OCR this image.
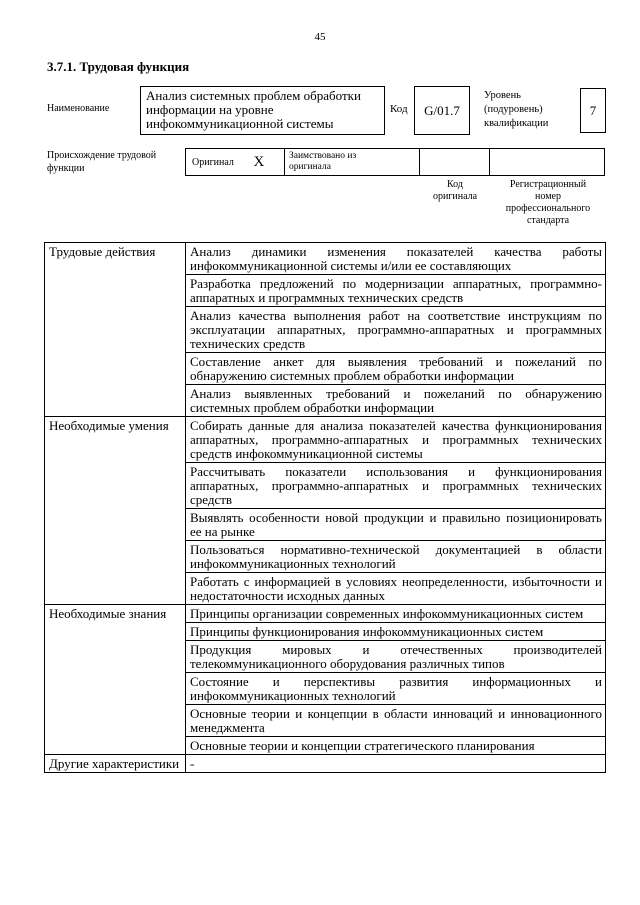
45
3.7.1. Трудовая функция
Наименование
Анализ системных проблем обработки информации на уровне инфокоммуникационной системы
Код G/01.7
Уровень (подуровень) квалификации
7
Происхождение трудовой функции
Оригинал	X	Заимствовано из оригинала
Код оригинала
Регистрационный номер профессионального стандарта
Трудовые действия	Анализ динамики изменения показателей качества работы инфокоммуникационной системы и/или ее составляющих
	Разработка предложений по модернизации аппаратных, программно-аппаратных и программных технических средств
	Анализ качества выполнения работ на соответствие инструкциям по эксплуатации аппаратных, программно-аппаратных и программных технических средств
	Составление анкет для выявления требований и пожеланий по обнаружению системных проблем обработки информации
	Анализ выявленных требований и пожеланий по обнаружению системных проблем обработки информации
Необходимые умения	Собирать данные для анализа показателей качества функционирования аппаратных, программно-аппаратных и программных технических средств инфокоммуникационной системы
	Рассчитывать показатели использования и функционирования аппаратных, программно-аппаратных и программных технических средств
	Выявлять особенности новой продукции и правильно позиционировать ее на рынке
	Пользоваться нормативно-технической документацией в области инфокоммуникационных технологий
	Работать с информацией в условиях неопределенности, избыточности и недостаточности исходных данных
Необходимые знания	Принципы организации современных инфокоммуникационных систем
	Принципы функционирования инфокоммуникационных систем
	Продукция мировых и отечественных производителей телекоммуникационного оборудования различных типов
	Состояние и перспективы развития информационных и инфокоммуникационных технологий
	Основные теории и концепции в области инноваций и инновационного менеджмента
	Основные теории и концепции стратегического планирования
Другие характеристики	-
